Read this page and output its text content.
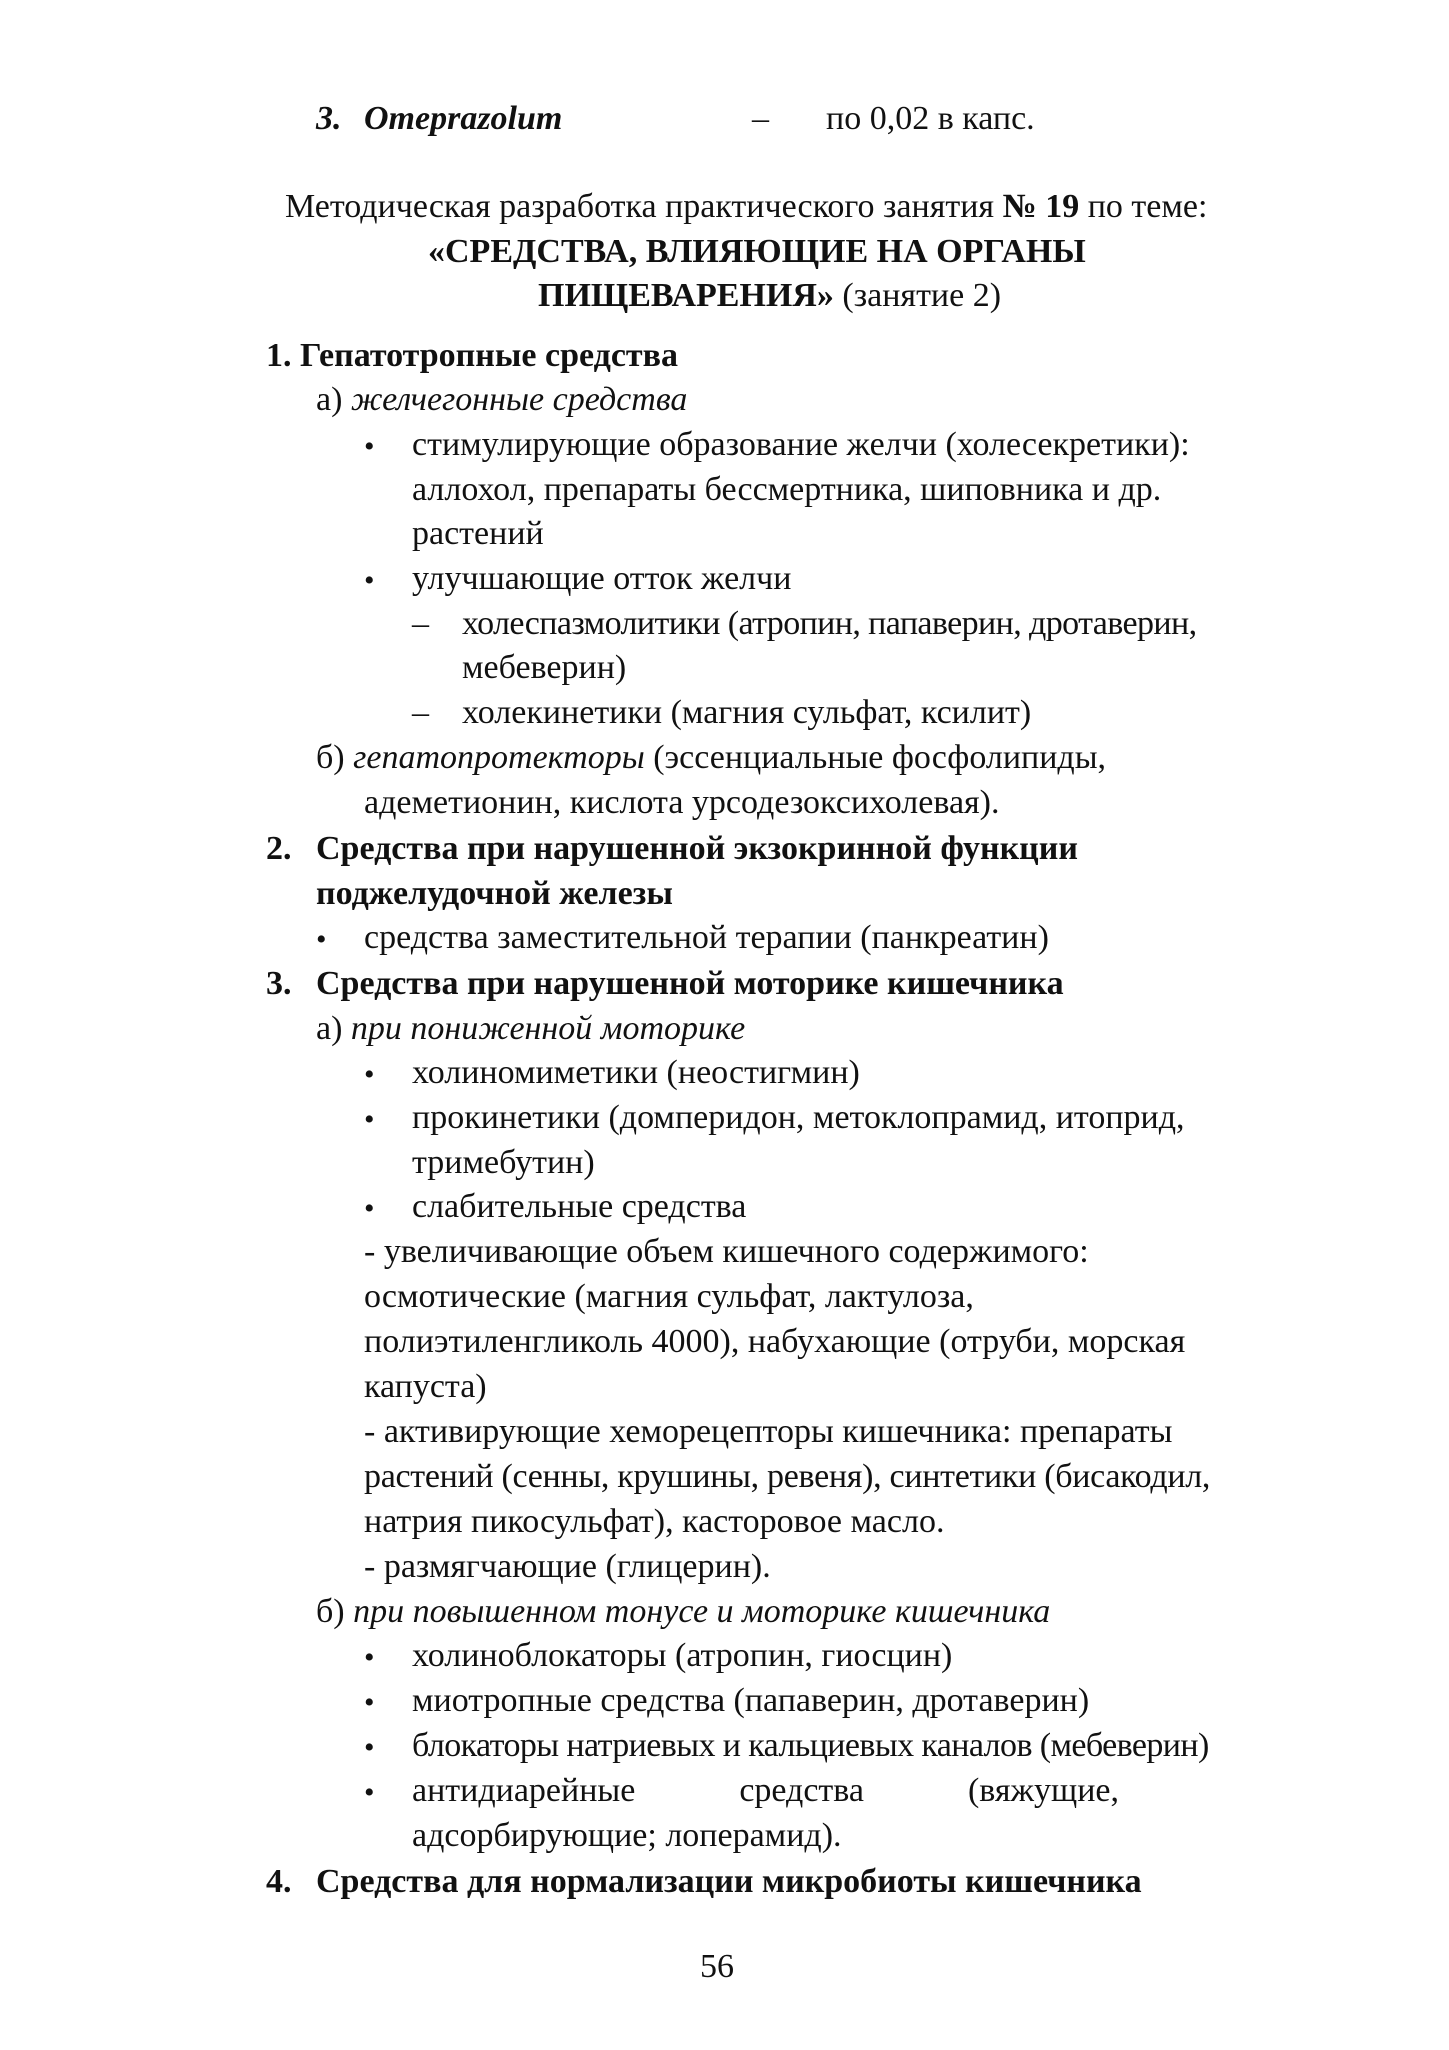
3. Omeprazolum	– по 0,02 в капс.
Методическая разработка практического занятия № 19 по теме:
«СРЕДСТВА, ВЛИЯЮЩИЕ НА ОРГАНЫ
ПИЩЕВАРЕНИЯ» (занятие 2)
1. Гепатотропные средства
а) желчегонные средства
• стимулирующие образование желчи (холесекретики):
аллохол, препараты бессмертника, шиповника и др.
растений
• улучшающие отток желчи
– холеспазмолитики (атропин, папаверин, дротаверин,
мебеверин)
– холекинетики (магния сульфат, ксилит)
б) гепатопротекторы (эссенциальные фосфолипиды,
адеметионин, кислота урсодезоксихолевая).
2. Средства при нарушенной экзокринной функции
поджелудочной железы
• средства заместительной терапии (панкреатин)
3. Средства при нарушенной моторике кишечника
а) при пониженной моторике
• холиномиметики (неостигмин)
• прокинетики (домперидон, метоклопрамид, итоприд,
тримебутин)
• слабительные средства
- увеличивающие объем кишечного содержимого:
осмотические (магния сульфат, лактулоза,
полиэтиленгликоль 4000), набухающие (отруби, морская
капуста)
- активирующие хеморецепторы кишечника: препараты
растений (сенны, крушины, ревеня), синтетики (бисакодил,
натрия пикосульфат), касторовое масло.
- размягчающие (глицерин).
б) при повышенном тонусе и моторике кишечника
• холиноблокаторы (атропин, гиосцин)
• миотропные средства (папаверин, дротаверин)
• блокаторы натриевых и кальциевых каналов (мебеверин)
• антидиарейные	средства	(вяжущие,
адсорбирующие; лоперамид).
4. Средства для нормализации микробиоты кишечника
56
